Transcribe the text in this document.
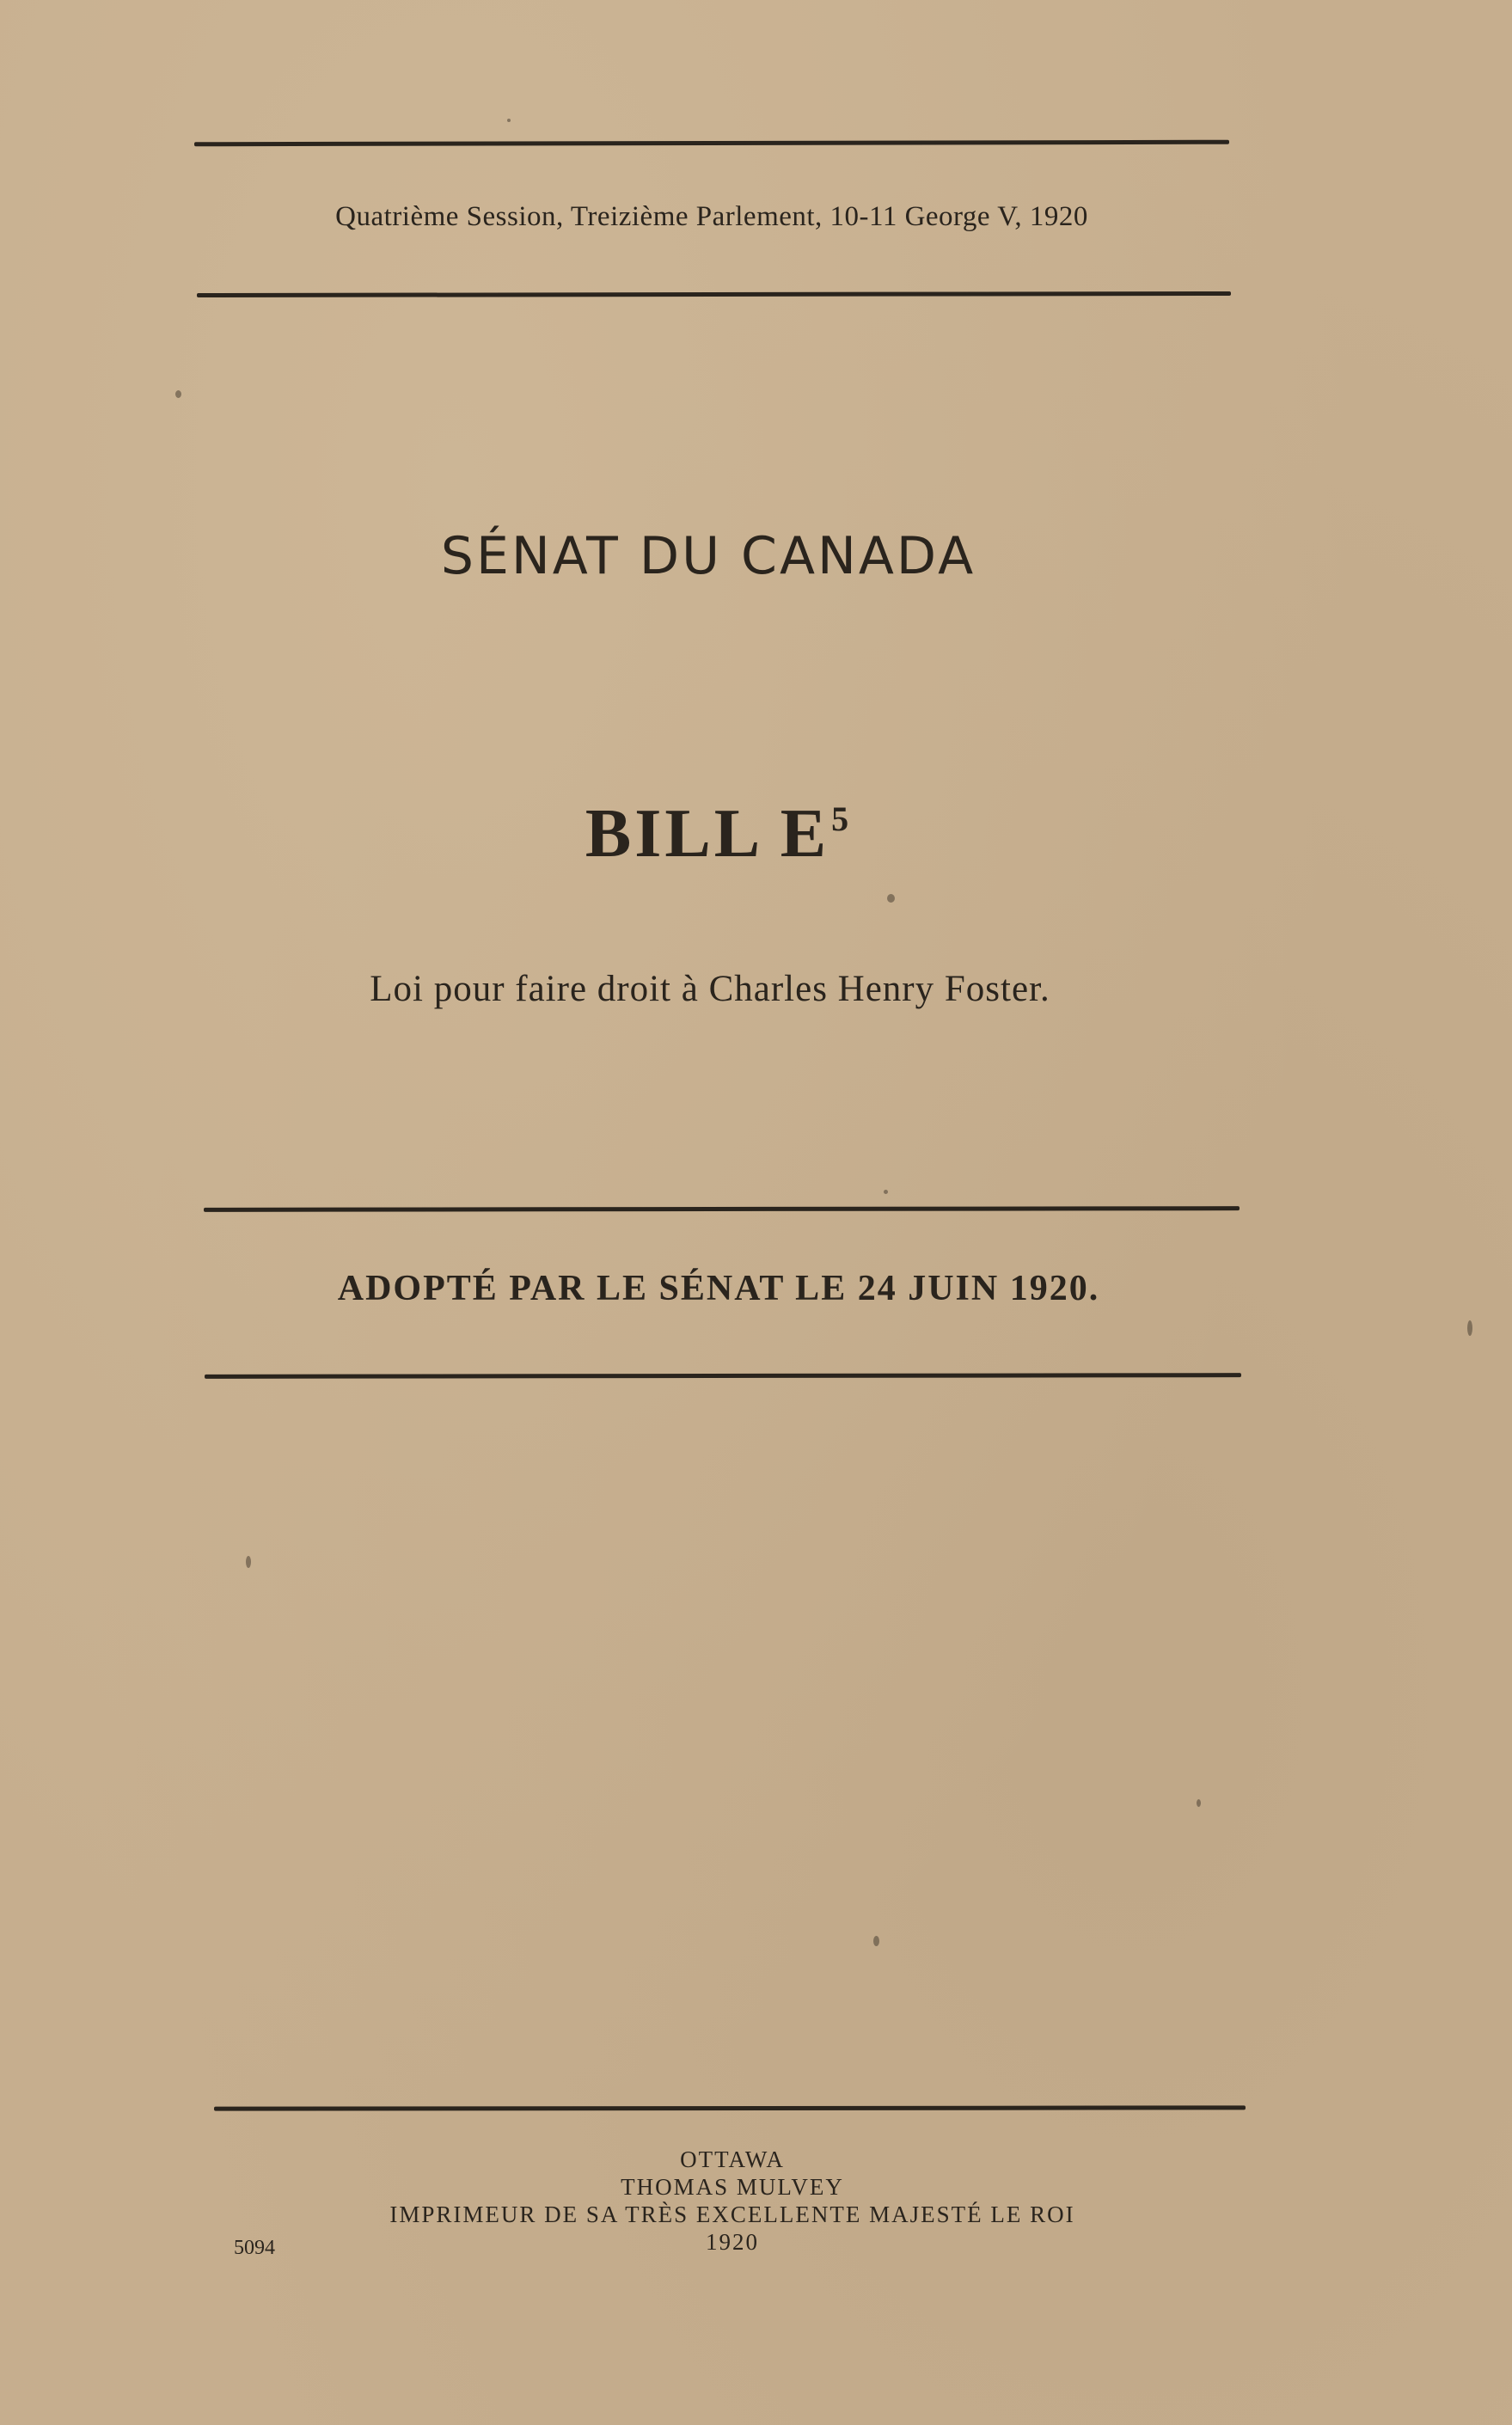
Quatrième Session, Treizième Parlement, 10-11 George V, 1920
SÉNAT DU CANADA
BILL $E^5$
Loi pour faire droit à Charles Henry Foster.
ADOPTÉ PAR LE SÉNAT LE 24 JUIN 1920.
OTTAWA
THOMAS MULVEY
IMPRIMEUR DE SA TRÈS EXCELLENTE MAJESTÉ LE ROI
1920
5094
